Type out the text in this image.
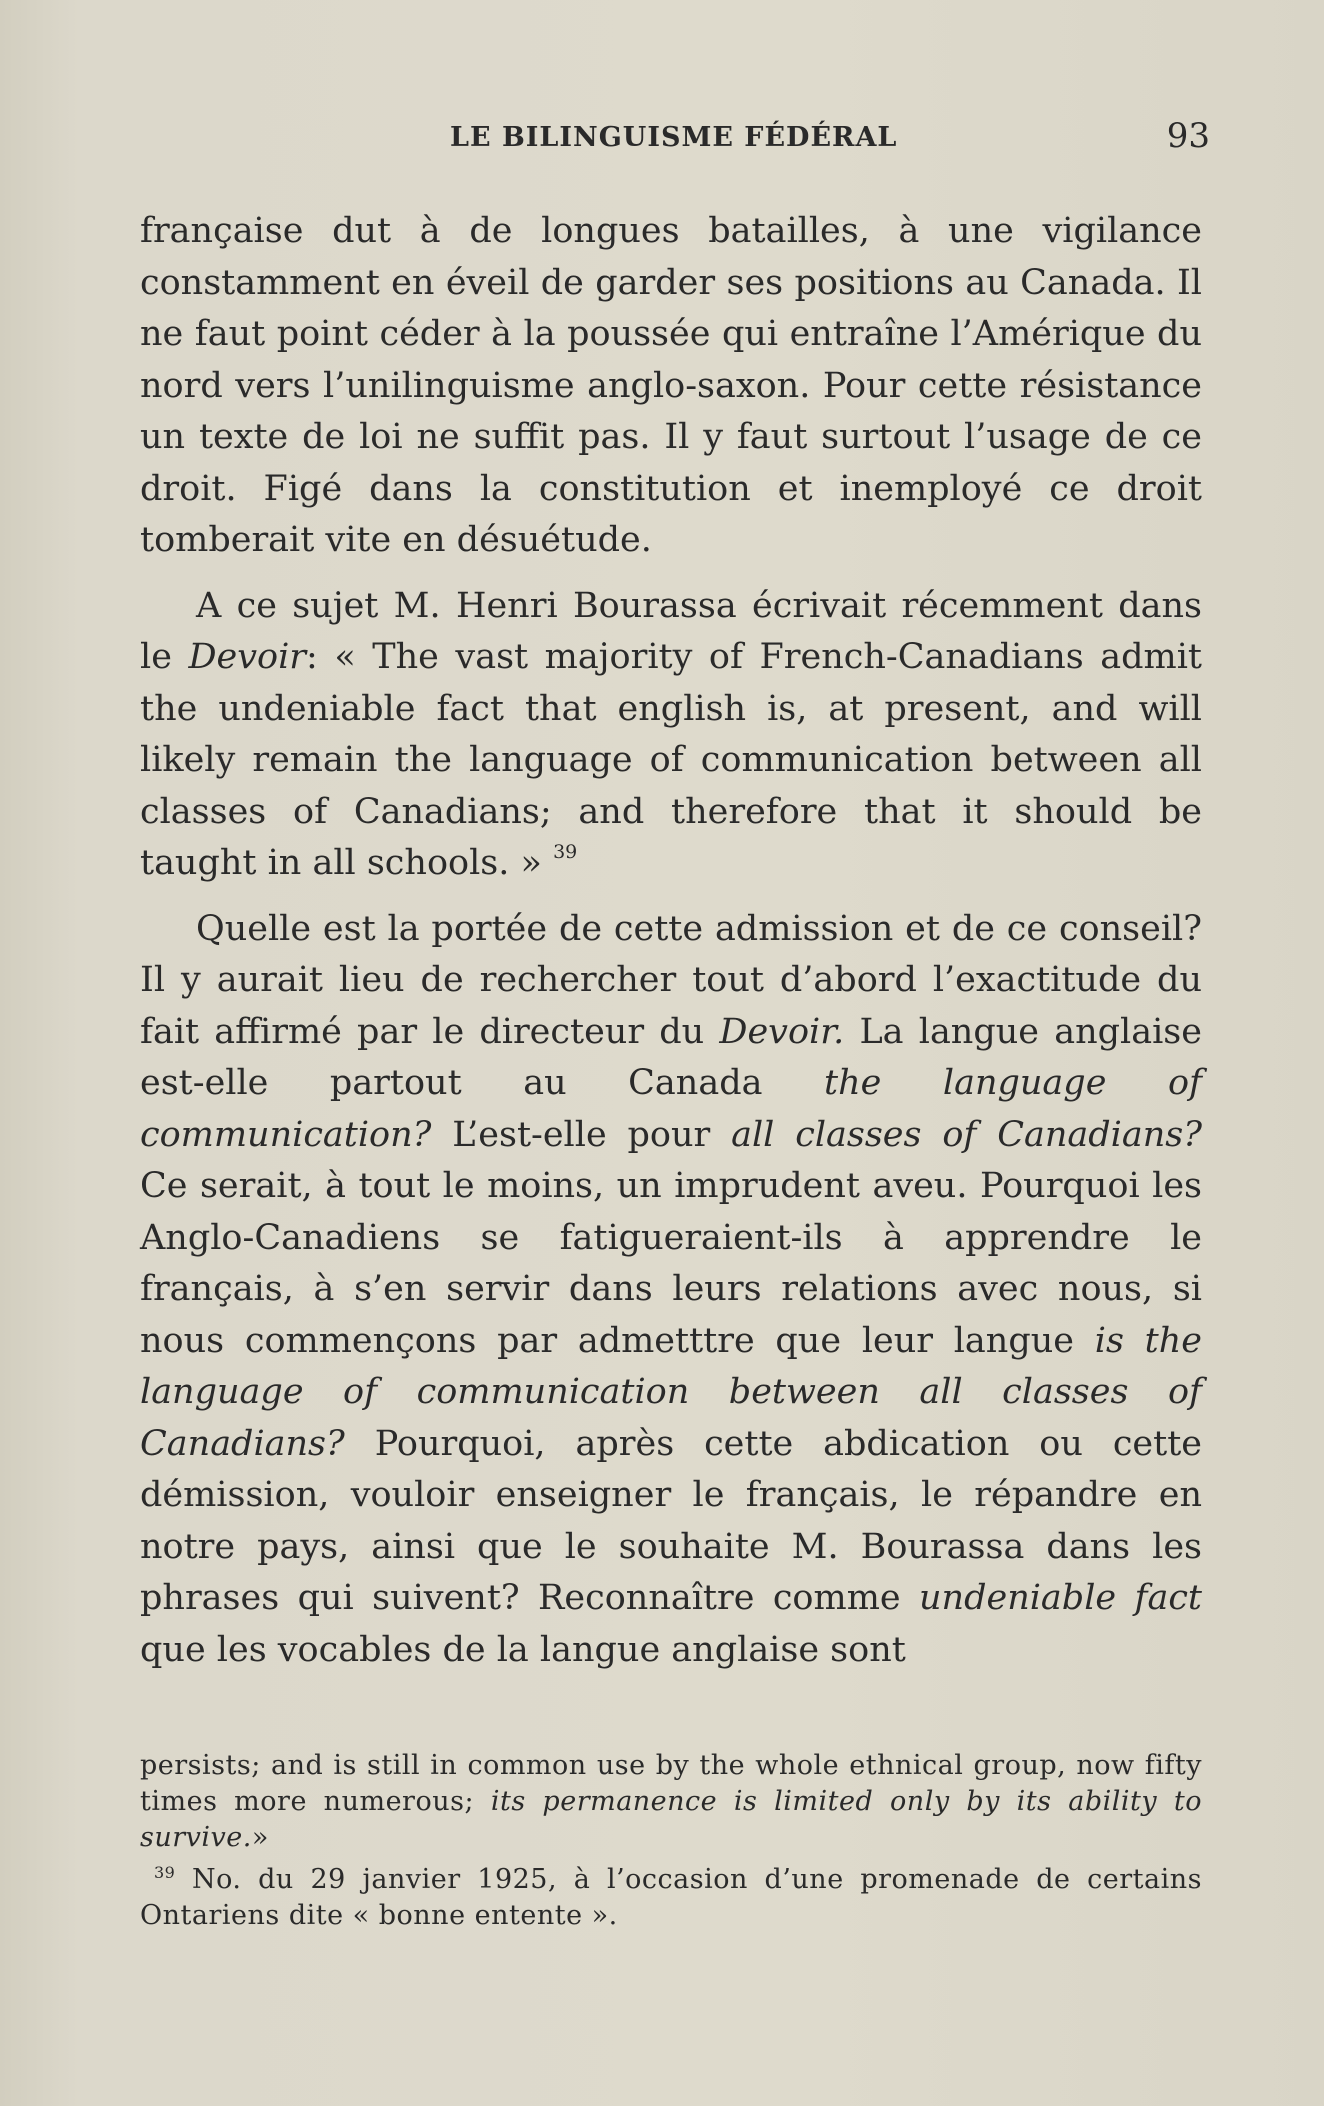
LE BILINGUISME FÉDÉRAL	93

française dut à de longues batailles, à une vigilance constamment en éveil de garder ses positions au Canada. Il ne faut point céder à la poussée qui entraîne l’Amérique du nord vers l’unilinguisme anglo-saxon. Pour cette résistance un texte de loi ne suffit pas. Il y faut surtout l’usage de ce droit. Figé dans la constitution et inemployé ce droit tomberait vite en désuétude.

A ce sujet M. Henri Bourassa écrivait récemment dans le Devoir: « The vast majority of French-Canadians admit the undeniable fact that english is, at present, and will likely remain the language of communication between all classes of Canadians; and therefore that it should be taught in all schools. » $^{39}$

Quelle est la portée de cette admission et de ce conseil? Il y aurait lieu de rechercher tout d’abord l’exactitude du fait affirmé par le directeur du Devoir. La langue anglaise est-elle partout au Canada the language of communication? L’est-elle pour all classes of Canadians? Ce serait, à tout le moins, un imprudent aveu. Pourquoi les Anglo-Canadiens se fatigueraient-ils à apprendre le français, à s’en servir dans leurs relations avec nous, si nous commençons par admetttre que leur langue is the language of communication between all classes of Canadians? Pourquoi, après cette abdication ou cette démission, vouloir enseigner le français, le répandre en notre pays, ainsi que le souhaite M. Bourassa dans les phrases qui suivent? Reconnaître comme undeniable fact que les vocables de la langue anglaise sont

persists; and is still in common use by the whole ethnical group, now fifty times more numerous; its permanence is limited only by its ability to survive.»

$^{39}$ No. du 29 janvier 1925, à l’occasion d’une promenade de certains Ontariens dite « bonne entente ».
